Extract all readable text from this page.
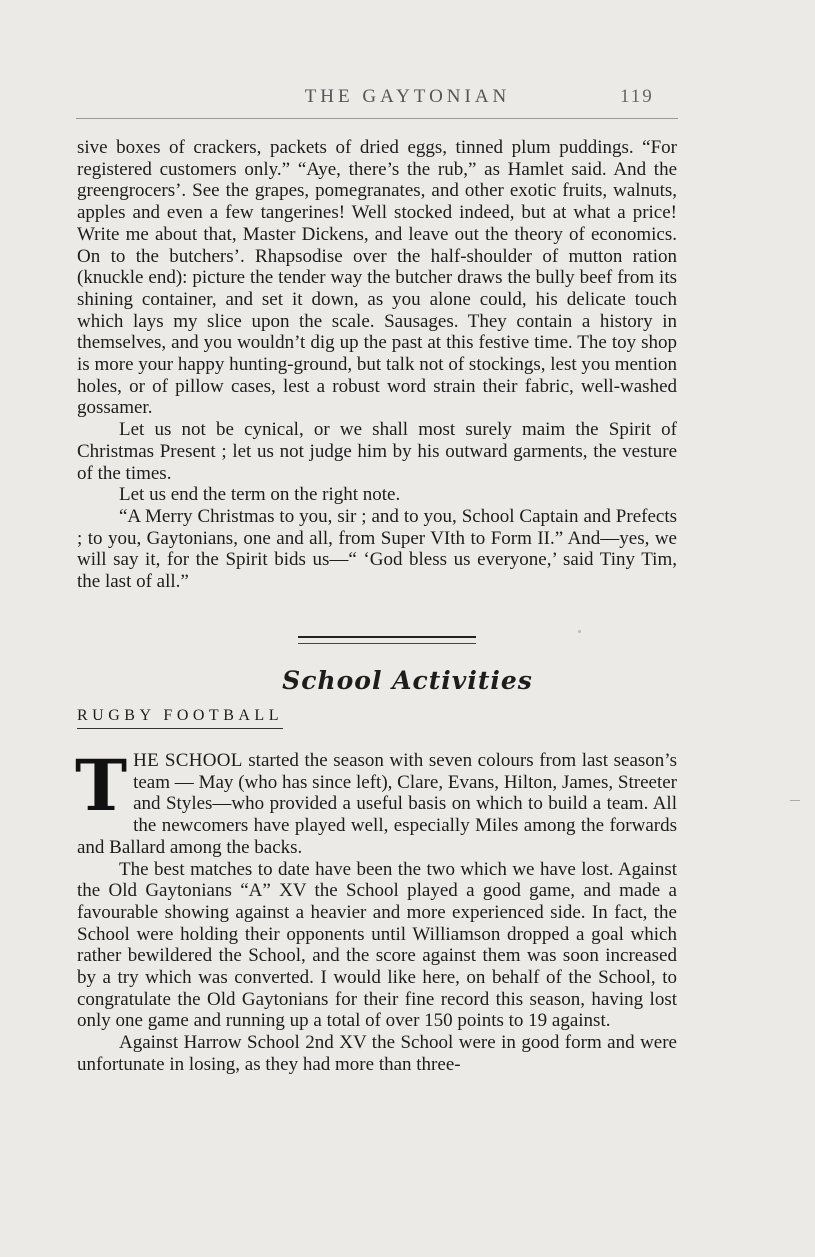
THE GAYTONIAN	119

sive boxes of crackers, packets of dried eggs, tinned plum puddings. “For registered customers only.” “Aye, there’s the rub,” as Hamlet said. And the greengrocers’. See the grapes, pomegranates, and other exotic fruits, walnuts, apples and even a few tangerines! Well stocked indeed, but at what a price! Write me about that, Master Dickens, and leave out the theory of economics. On to the butchers’. Rhapsodise over the half-shoulder of mutton ration (knuckle end): picture the tender way the butcher draws the bully beef from its shining container, and set it down, as you alone could, his delicate touch which lays my slice upon the scale. Sausages. They contain a history in themselves, and you wouldn’t dig up the past at this festive time. The toy shop is more your happy hunting-ground, but talk not of stockings, lest you mention holes, or of pillow cases, lest a robust word strain their fabric, well-washed gossamer.

Let us not be cynical, or we shall most surely maim the Spirit of Christmas Present ; let us not judge him by his outward garments, the vesture of the times.

Let us end the term on the right note.

“A Merry Christmas to you, sir ; and to you, School Captain and Prefects ; to you, Gaytonians, one and all, from Super VIth to Form II.” And—yes, we will say it, for the Spirit bids us—“ ‘God bless us everyone,’ said Tiny Tim, the last of all.”

School Activities
RUGBY FOOTBALL

THE SCHOOL started the season with seven colours from last season’s team — May (who has since left), Clare, Evans, Hilton, James, Streeter and Styles—who provided a useful basis on which to build a team. All the newcomers have played well, especially Miles among the forwards and Ballard among the backs.

The best matches to date have been the two which we have lost. Against the Old Gaytonians “A” XV the School played a good game, and made a favourable showing against a heavier and more experienced side. In fact, the School were holding their opponents until Williamson dropped a goal which rather bewildered the School, and the score against them was soon increased by a try which was converted. I would like here, on behalf of the School, to congratulate the Old Gaytonians for their fine record this season, having lost only one game and running up a total of over 150 points to 19 against.

Against Harrow School 2nd XV the School were in good form and were unfortunate in losing, as they had more than three-
